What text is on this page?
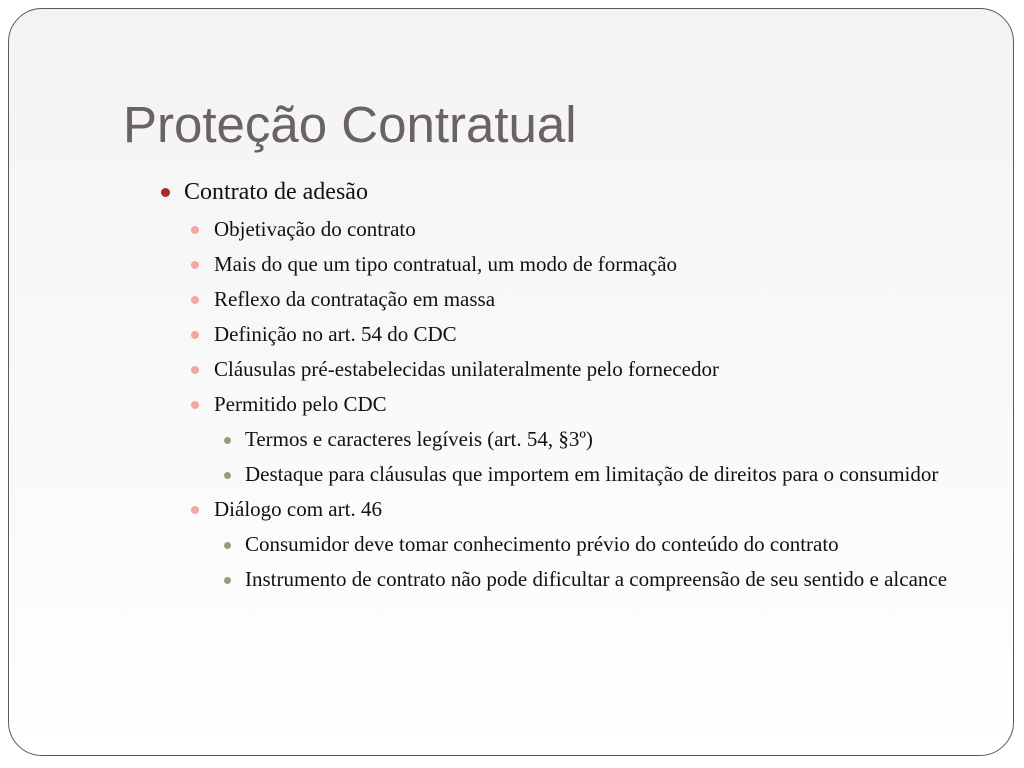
Proteção Contratual
Contrato de adesão
Objetivação do contrato
Mais do que um tipo contratual, um modo de formação
Reflexo da contratação em massa
Definição no art. 54 do CDC
Cláusulas pré-estabelecidas unilateralmente pelo fornecedor
Permitido pelo CDC
Termos e caracteres legíveis (art. 54, §3º)
Destaque para cláusulas que importem em limitação de direitos para o consumidor
Diálogo com art. 46
Consumidor deve tomar conhecimento prévio do conteúdo do contrato
Instrumento de contrato não pode dificultar a compreensão de seu sentido e alcance
